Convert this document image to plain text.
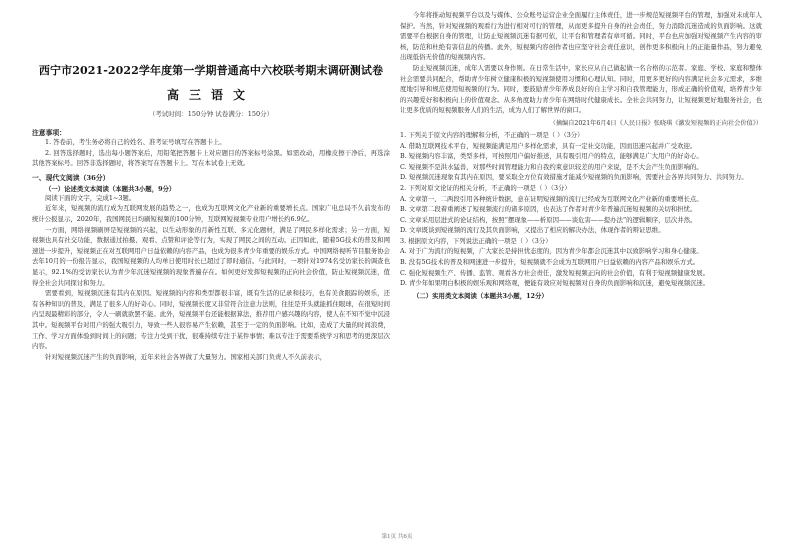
西宁市2021-2022学年度第一学期普通高中六校联考期末调研测试卷
高三语文
（考试时间：150分钟 试卷满分：150分）
注意事项：

1. 答卷前，考生务必将自己的姓名、准考证号填写在答题卡上。

2. 回答选择题时，选出每小题答案后，用铅笔把答题卡上对应题目的答案标号涂黑。如需改动，用橡皮擦干净后，再选涂其他答案标号。回答非选择题时，将答案写在答题卡上。写在本试卷上无效。

一、现代文阅读（36分）
（一）论述类文本阅读（本题共3小题，9分）

阅读下面的文字，完成1~3题。

近年来，短视频的流行成为互联网发展的趋势之一，也成为互联网文化产业新的重要增长点。国家广电总局不久前发布的统计公报显示，2020年，我国网民日均刷短视频的100分钟，互联网短视频专业用户增长约6.9亿。

一方面，网络视频刷屏是短视频的兴起，以生动形象的月新性互联、多元化题材，满足了网民多样化需求；另一方面，短视频也具有社交功能，数据通过拍摄、观看、点赞和评论等行为，实现了网民之间的互动。正因如此，随着5G技术的普及和网速进一步提升，短视频正在对互联网用户日益依赖的内容产品，也成为很多青少年重要的娱乐方式。中国网络视听节目服务协会去年10月的一份报告显示，我国短视频的人均单日使用时长已超过了即时通信。与此同时，一项针对1974名受访家长的调查也显示，92.1%的受访家长认为青少年沉迷短视频的现象普遍存在。如何更好发挥短视频的正向社会价值，防止短视频沉迷，值得全社会共同探讨和努力。

需要看到，短视频沉迷有其内在原因。短视频的内容和类型都很丰富，既有生活的记录和技巧，也有美食跟踪的娱乐，还有各种知识的普及，满足了很多人的好奇心。同时，短视频长度又非常符合注意力法则，往往是开头就能抓住眼球，在很短时间内呈现最精彩的部分，令人一刷就欲罢不能。此外，短视频平台还能根据算法，推荐用户感兴趣的内容，使人在不知不觉中沉浸其中。短视频平台对用户的强大吸引力，导致一些人很容易产生依赖，甚至于一定的负面影响。比如，造成了大量的时间浪费，工作、学习方面体验到时间上的问题；专注力受到干扰，很难持续专注于某件事情；难以专注于需要系统学习和思考的更深层次内容。

针对短视频沉迷产生的负面影响，近年来社会各界做了大量努力。国家相关部门负责人不久前表示，

今年将推动短视频平台以及与媒体、公众账号运营企业全面履行主体责任，进一步规范短视频平台的管理，加强对未成年人保护。当然，针对短视频的观看行为进行相对可行的管理，从而更多提升自身的社会责任，努力消除沉迷造成的负面影响。这就需要平台根据自身的管理，让防止短视频沉迷有据可依，让平台和管理者有章可循。同时，平台也应加强对短视频产生内容的审核，防范和杜绝有害信息的传播。此外，短视频内容创作者也应坚守社会责任意识，创作更多积极向上的正能量作品，努力避免出现低俗无价值的短视频内容。

防止短视频沉迷，成年人需要以身作则。在日常生活中，家长应从自己做起做一名合格的示范者。家庭、学校、家庭和整体社会需要共同配合，帮助青少年树立健康积极的短视频使用习惯和心理认知。同时，用更多更好的内容满足社会多元需求，多维度地引导和规范使用短视频的行为。同时，要鼓励青少年养成良好的自主学习和自我管理能力，形成正确的价值观，培养青少年的兴趣爱好和积极向上的价值观念。从多角度助力青少年在网络时代健康成长。全社会共同努力，让短视频更好地服务社会，也让更多优质的短视频服务人们的生活，成为人们了解世界的窗口。

（摘编自2021年6月4日《人民日报》张晓琪《激发短视频的正向社会价值》）
1. 下列关于原文内容的理解和分析，不正确的一项是（ ）（3分）
A. 借助互联网技术平台，短视频能满足用户多样化需求，具有一定社交功能，因而迅速兴起并广受欢迎。
B. 短视频内容丰富，类型多样，可按照用户偏好推送，具有吸引用户的特点，能够满足广大用户的好奇心。
C. 短视频不是洪水猛兽，对那些时间管理能力和自我约束意识较差的用户来说，是不大会产生负面影响的。
D. 短视频沉迷现象有其内在原因，要采取全方位有效措施才能减少短视频的负面影响，需要社会各界共同努力、共同努力。
2. 下列对原文论证的相关分析，不正确的一项是（ ）（3分）
A. 文章第一、二两段引用各种统计数据，意在证明短视频的流行已经成为互联网文化产业新的重要增长点。
B. 文章第二段着重阐述了短视频流行的诸多原因，也表达了作者对青少年普遍沉迷短视频的关切和担忧。
C. 文章采用层进式的论证结构，按照“摆现象——析原因——谈危害——提办法”的逻辑顺序，层次井然。
D. 文章既谈到短视频的流行及其负面影响，又提出了相应的解决办法，体现作者的辩证思维。
3. 根据原文内容，下列说法正确的一项是（ ）（3分）
A. 对于广为流行的短视频，广大家长是持担忧态度的，因为青少年都会沉迷其中以致影响学习和身心健康。
B. 没有5G技术的普及和网速进一步提升，短视频就不会成为互联网用户日益依赖的内容产品和娱乐方式。
C. 强化短视频生产、传播、监管、观看各方社会责任，激发短视频正向的社会价值，有利于短视频健康发展。
D. 青少年如果明白积极的娱乐观和网络观，便能有效应对短视频对自身的负面影响和沉迷，避免短视频沉迷。
（二）实用类文本阅读（本题共3小题，12分）
第1页 共6页
